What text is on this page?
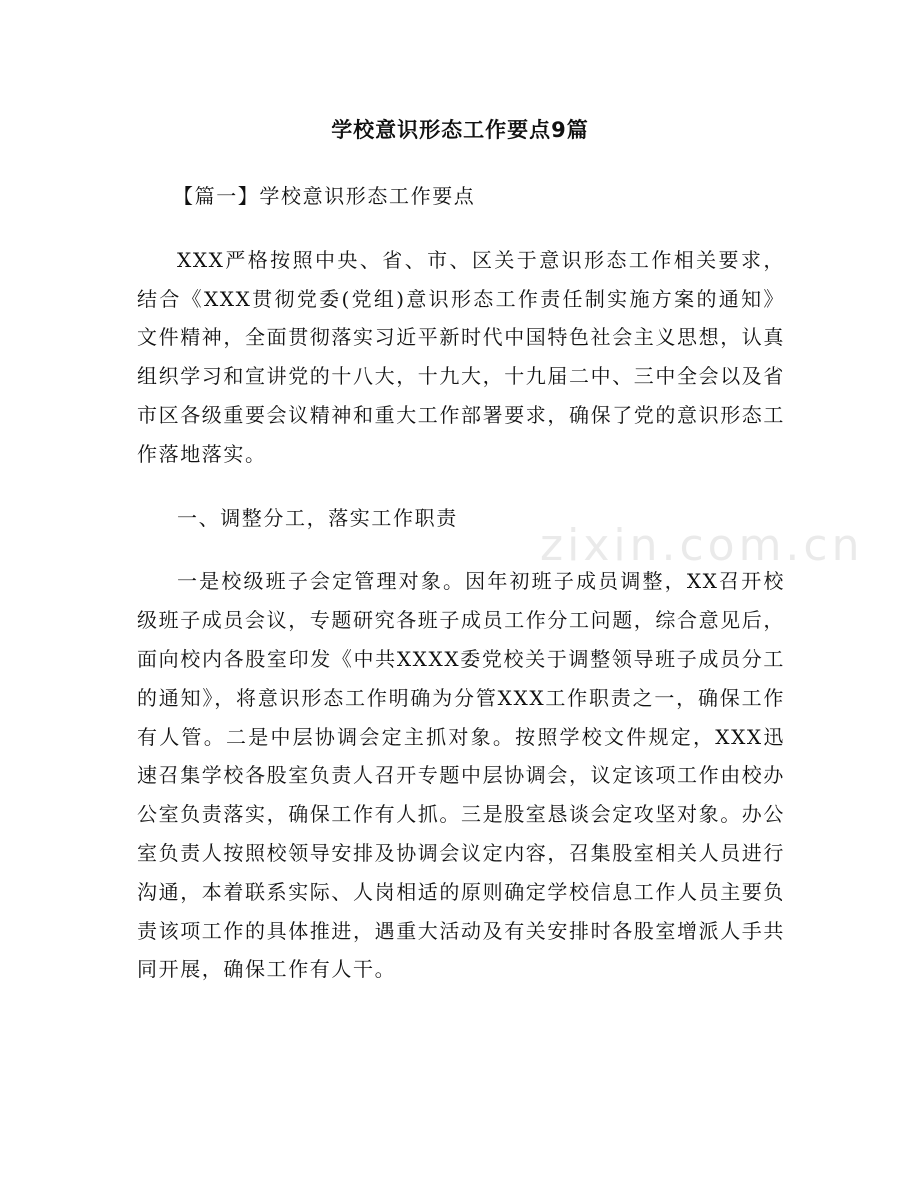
学校意识形态工作要点9篇

【篇一】学校意识形态工作要点

XXX严格按照中央、省、市、区关于意识形态工作相关要求，结合《XXX贯彻党委(党组)意识形态工作责任制实施方案的通知》文件精神，全面贯彻落实习近平新时代中国特色社会主义思想，认真组织学习和宣讲党的十八大，十九大，十九届二中、三中全会以及省市区各级重要会议精神和重大工作部署要求，确保了党的意识形态工作落地落实。

一、调整分工，落实工作职责

一是校级班子会定管理对象。因年初班子成员调整，XX召开校级班子成员会议，专题研究各班子成员工作分工问题，综合意见后，面向校内各股室印发《中共XXXX委党校关于调整领导班子成员分工的通知》，将意识形态工作明确为分管XXX工作职责之一，确保工作有人管。二是中层协调会定主抓对象。按照学校文件规定，XXX迅速召集学校各股室负责人召开专题中层协调会，议定该项工作由校办公室负责落实，确保工作有人抓。三是股室恳谈会定攻坚对象。办公室负责人按照校领导安排及协调会议定内容，召集股室相关人员进行沟通，本着联系实际、人岗相适的原则确定学校信息工作人员主要负责该项工作的具体推进，遇重大活动及有关安排时各股室增派人手共同开展，确保工作有人干。

zixin.com.cn
